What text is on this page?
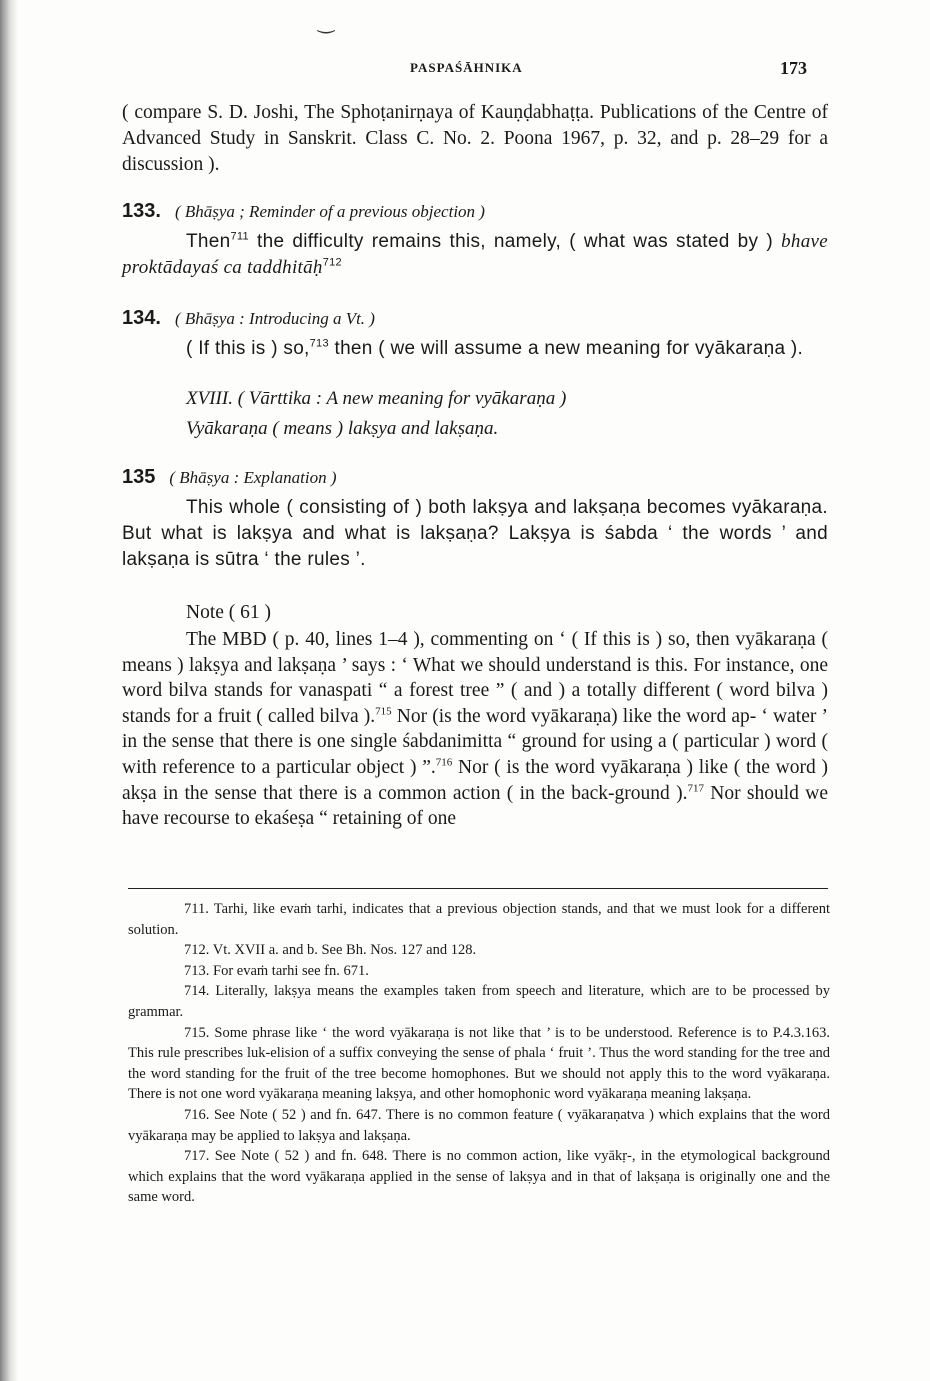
‿
PASPAŚĀHNIKA	173

( compare S. D. Joshi, The Sphoṭanirṇaya of Kauṇḍabhaṭṭa. Publications of the Centre of Advanced Study in Sanskrit. Class C. No. 2. Poona 1967, p. 32, and p. 28–29 for a discussion ).

133. ( Bhāṣya ; Reminder of a previous objection )

Then$^{711}$ the difficulty remains this, namely, ( what was stated by ) bhave proktādayaś ca taddhitāḥ$^{712}$

134. ( Bhāṣya : Introducing a Vt. )

( If this is ) so,$^{713}$ then ( we will assume a new meaning for vyākaraṇa ).

XVIII. ( Vārttika : A new meaning for vyākaraṇa )

Vyākaraṇa ( means ) lakṣya and lakṣaṇa.

135 ( Bhāṣya : Explanation )

This whole ( consisting of ) both lakṣya and lakṣaṇa becomes vyākaraṇa. But what is lakṣya and what is lakṣaṇa? Lakṣya is śabda ‘ the words ’ and lakṣaṇa is sūtra ‘ the rules ’.

Note ( 61 )

The MBD ( p. 40, lines 1–4 ), commenting on ‘ ( If this is ) so, then vyākaraṇa ( means ) lakṣya and lakṣaṇa ’ says : ‘ What we should understand is this. For instance, one word bilva stands for vanaspati “ a forest tree ” ( and ) a totally different ( word bilva ) stands for a fruit ( called bilva ).$^{715}$ Nor (is the word vyākaraṇa) like the word ap- ‘ water ’ in the sense that there is one single śabdanimitta “ ground for using a ( particular ) word ( with reference to a particular object ) ”.$^{716}$ Nor ( is the word vyākaraṇa ) like ( the word ) akṣa in the sense that there is a common action ( in the back-ground ).$^{717}$ Nor should we have recourse to ekaśeṣa “ retaining of one

711. Tarhi, like evaṁ tarhi, indicates that a previous objection stands, and that we must look for a different solution.

712. Vt. XVII a. and b. See Bh. Nos. 127 and 128.

713. For evaṁ tarhi see fn. 671.

714. Literally, lakṣya means the examples taken from speech and literature, which are to be processed by grammar.

715. Some phrase like ‘ the word vyākaraṇa is not like that ’ is to be understood. Reference is to P.4.3.163. This rule prescribes luk-elision of a suffix conveying the sense of phala ‘ fruit ’. Thus the word standing for the tree and the word standing for the fruit of the tree become homophones. But we should not apply this to the word vyākaraṇa. There is not one word vyākaraṇa meaning lakṣya, and other homophonic word vyākaraṇa meaning lakṣaṇa.

716. See Note ( 52 ) and fn. 647. There is no common feature ( vyākaraṇatva ) which explains that the word vyākaraṇa may be applied to lakṣya and lakṣaṇa.

717. See Note ( 52 ) and fn. 648. There is no common action, like vyākṛ-, in the etymological background which explains that the word vyākaraṇa applied in the sense of lakṣya and in that of lakṣaṇa is originally one and the same word.
